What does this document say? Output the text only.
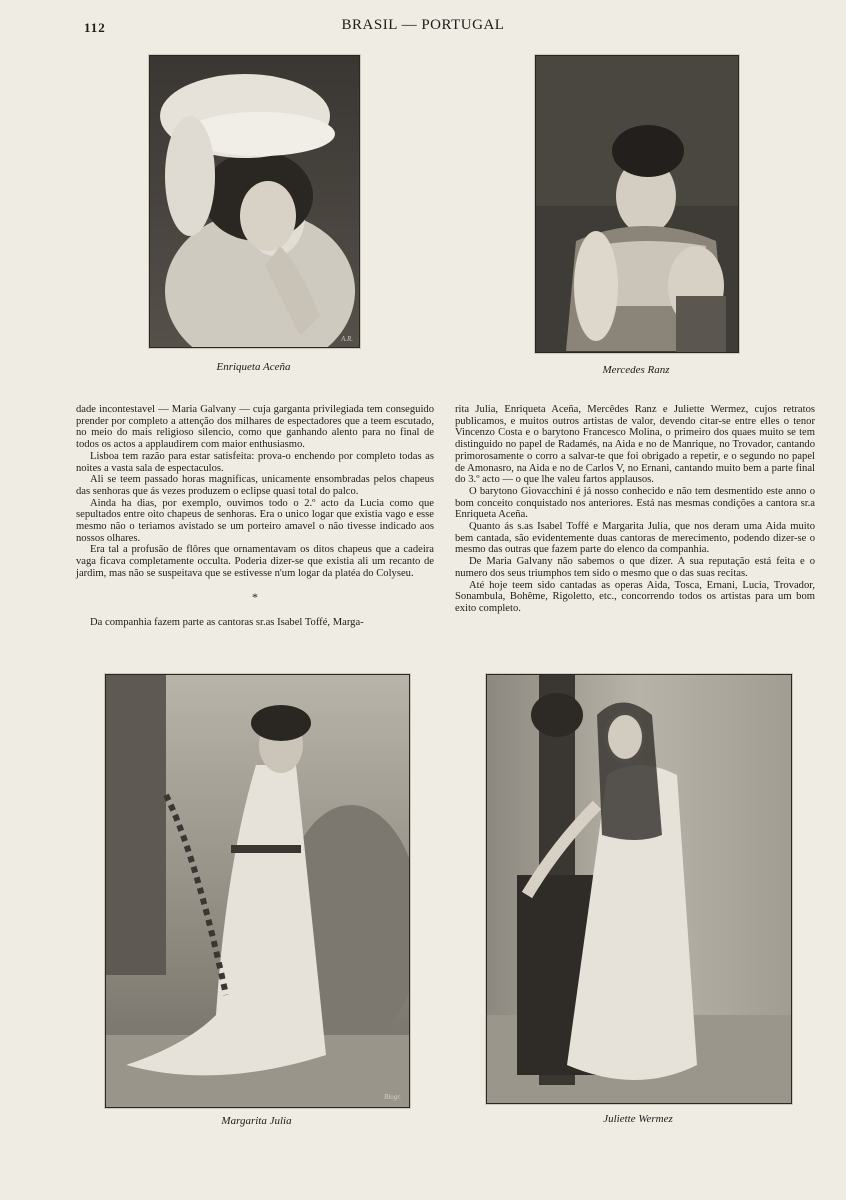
112	BRASIL — PORTUGAL
A.R.
Enriqueta Aceña	Mercedes Ranz

dade incontestavel — Maria Galvany — cuja garganta privilegiada tem conseguido prender por completo a attenção dos milhares de espectadores que a teem escutado, no meio do mais religioso silencio, como que ganhando alento para no final de todos os actos a applaudirem com maior enthusiasmo.

Lisboa tem razão para estar satisfeita: prova-o enchendo por completo todas as noites a vasta sala de espectaculos.

Ali se teem passado horas magnificas, unicamente ensombradas pelos chapeus das senhoras que ás vezes produzem o eclipse quasi total do palco.

Ainda ha dias, por exemplo, ouvimos todo o 2.º acto da Lucia como que sepultados entre oito chapeus de senhoras. Era o unico logar que existia vago e esse mesmo não o teriamos avistado se um porteiro amavel o não tivesse indicado aos nossos olhares.

Era tal a profusão de flôres que ornamentavam os ditos chapeus que a cadeira vaga ficava completamente occulta. Poderia dizer-se que existia ali um recanto de jardim, mas não se suspeitava que se estivesse n'um logar da platéa do Colyseu.

*

Da companhia fazem parte as cantoras sr.as Isabel Toffé, Marga-

rita Julia, Enriqueta Aceña, Mercêdes Ranz e Juliette Wermez, cujos retratos publicamos, e muitos outros artistas de valor, devendo citar-se entre elles o tenor Vincenzo Costa e o barytono Francesco Molina, o primeiro dos quaes muito se tem distinguido no papel de Radamés, na Aida e no de Manrique, no Trovador, cantando primorosamente o corro a salvar-te que foi obrigado a repetir, e o segundo no papel de Amonasro, na Aida e no de Carlos V, no Ernani, cantando muito bem a parte final do 3.º acto — o que lhe valeu fartos applausos.

O barytono Giovacchini é já nosso conhecido e não tem desmentido este anno o bom conceito conquistado nos anteriores. Está nas mesmas condições a cantora sr.a Enriqueta Aceña.

Quanto ás s.as Isabel Toffé e Margarita Julia, que nos deram uma Aida muito bem cantada, são evidentemente duas cantoras de merecimento, podendo dizer-se o mesmo das outras que fazem parte do elenco da companhia.

De Maria Galvany não sabemos o que dizer. A sua reputação está feita e o numero dos seus triumphos tem sido o mesmo que o das suas recitas.

Até hoje teem sido cantadas as operas Aida, Tosca, Ernani, Lucia, Trovador, Sonambula, Bohême, Rigoletto, etc., concorrendo todos os artistas para um bom exito completo.

Biogr.
Margarita Julia	Juliette Wermez
